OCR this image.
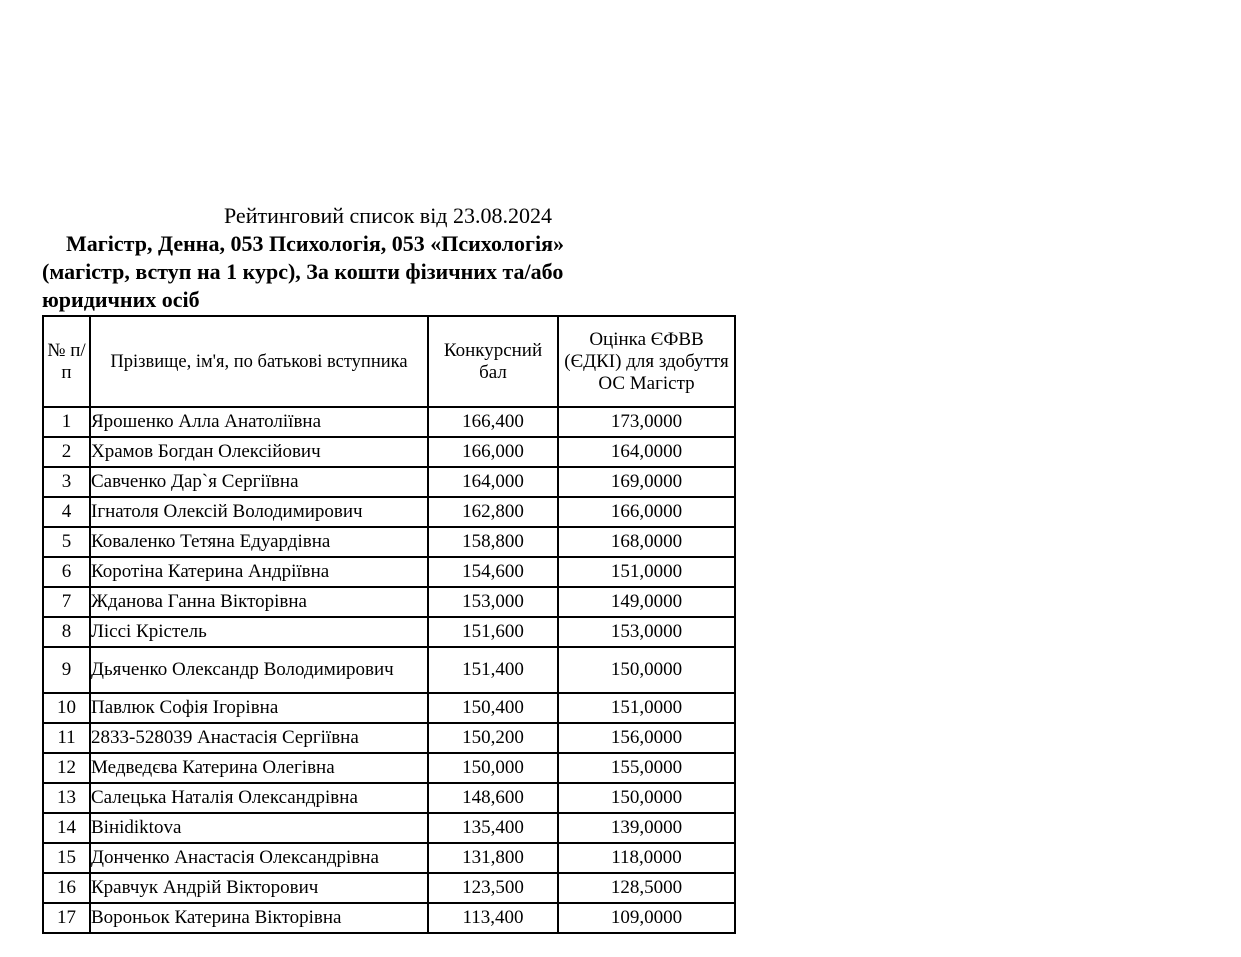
Рейтинговий список від 23.08.2024
Магістр, Денна, 053 Психологія, 053 «Психологія» (магістр, вступ на 1 курс), За кошти фізичних та/або юридичних осіб
№ п/п	Прізвище, ім'я, по батькові вступника	Конкурсний бал	Оцінка ЄФВВ (ЄДКІ) для здобуття ОС Магістр
1	Ярошенко Алла Анатоліївна	166,400	173,0000
2	Храмов Богдан Олексійович	166,000	164,0000
3	Савченко Дар`я Сергіївна	164,000	169,0000
4	Ігнатоля Олексій Володимирович	162,800	166,0000
5	Коваленко Тетяна Едуардівна	158,800	168,0000
6	Коротіна Катерина Андріївна	154,600	151,0000
7	Жданова Ганна Вікторівна	153,000	149,0000
8	Ліссі Крістель	151,600	153,0000
9	Дьяченко Олександр Володимирович	151,400	150,0000
10	Павлюк Софія Ігорівна	150,400	151,0000
11	2833-528039 Анастасія Сергіївна	150,200	156,0000
12	Медведєва Катерина Олегівна	150,000	155,0000
13	Салецька Наталія Олександрівна	148,600	150,0000
14	Вініdiktova	135,400	139,0000
15	Донченко Анастасія Олександрівна	131,800	118,0000
16	Кравчук Андрій Вікторович	123,500	128,5000
17	Вороньок Катерина Вікторівна	113,400	109,0000
